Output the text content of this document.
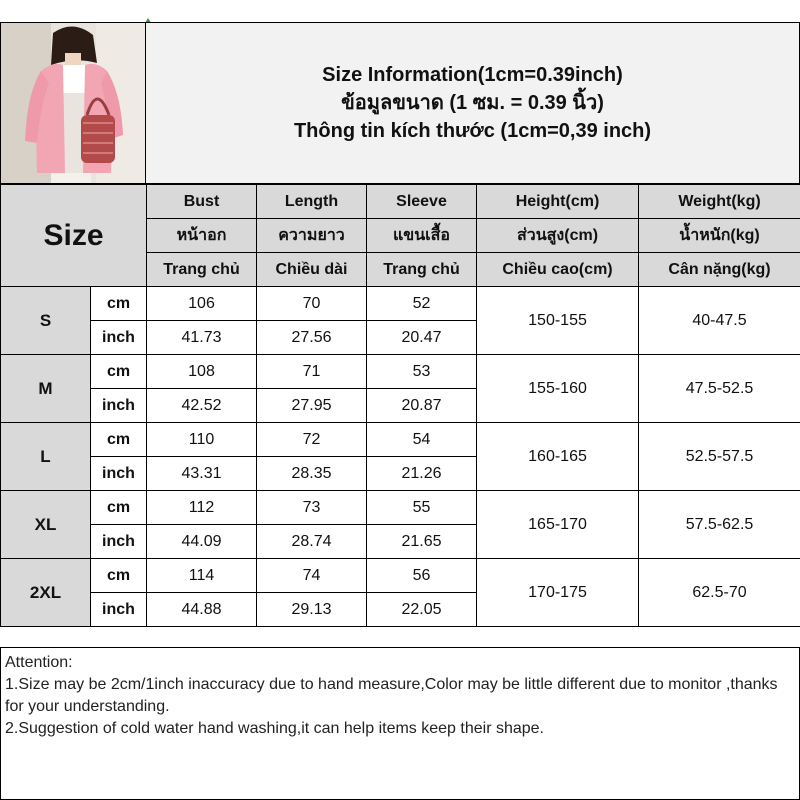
Size Information(1cm=0.39inch)
ข้อมูลขนาด (1 ซม. = 0.39 นิ้ว)
Thông tin kích thước (1cm=0,39 inch)
Size		Bust	Length	Sleeve	Height(cm)	Weight(kg)
		หน้าอก	ความยาว	แขนเสื้อ	ส่วนสูง(cm)	น้ำหนัก(kg)
		Trang chủ	Chiều dài	Trang chủ	Chiều cao(cm)	Cân nặng(kg)
S	cm	106	70	52	150-155	40-47.5
	inch	41.73	27.56	20.47		
M	cm	108	71	53	155-160	47.5-52.5
	inch	42.52	27.95	20.87		
L	cm	110	72	54	160-165	52.5-57.5
	inch	43.31	28.35	21.26		
XL	cm	112	73	55	165-170	57.5-62.5
	inch	44.09	28.74	21.65		
2XL	cm	114	74	56	170-175	62.5-70
	inch	44.88	29.13	22.05		
Attention:
1.Size may be 2cm/1inch inaccuracy due to hand measure,Color may be little different due to monitor ,thanks for your understanding.
2.Suggestion of cold water hand washing,it can help items keep their shape.
